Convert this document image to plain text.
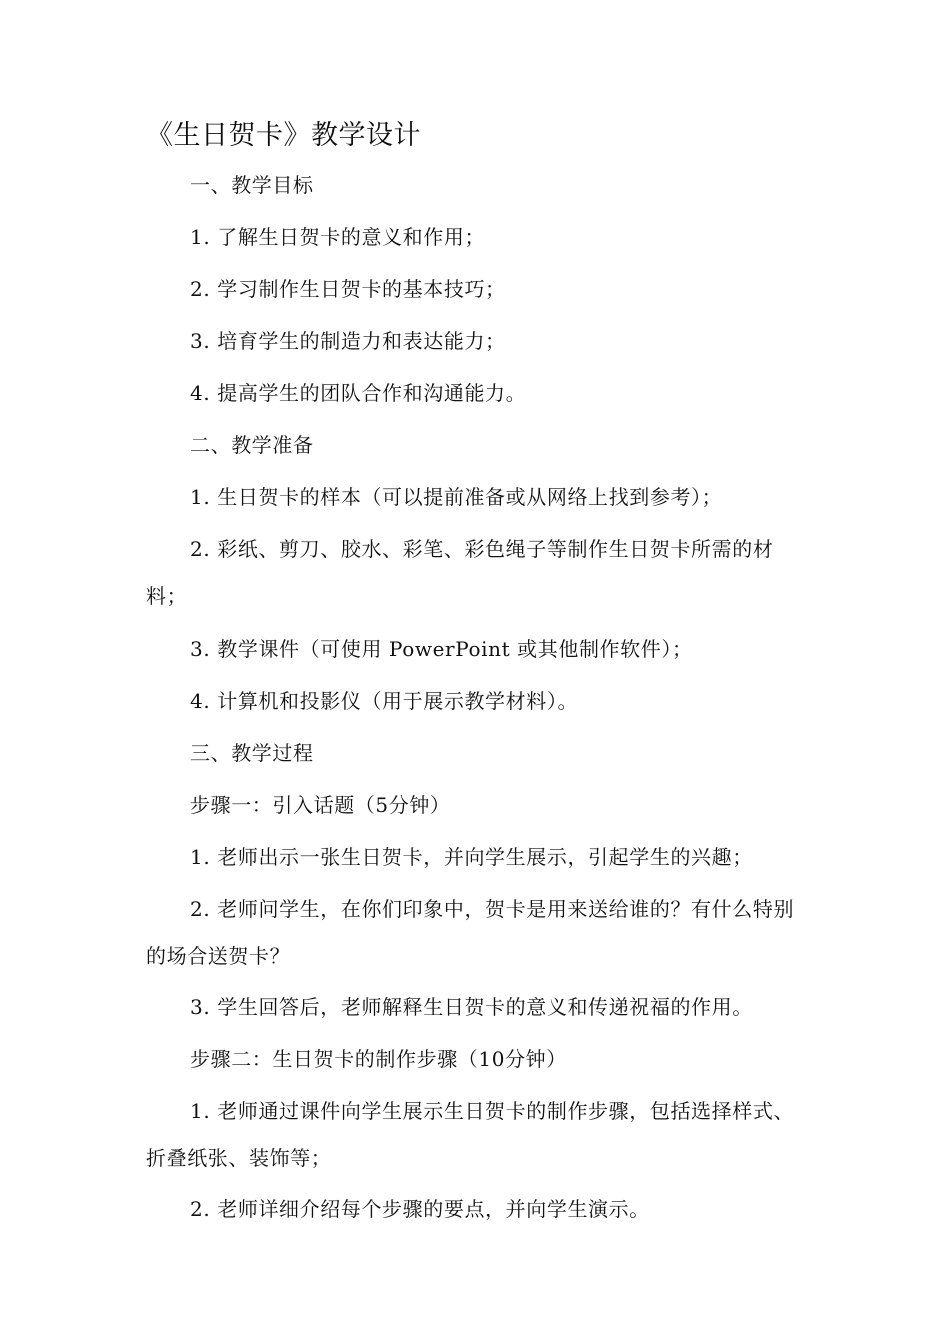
《生日贺卡》教学设计

一、教学目标

1. 了解生日贺卡的意义和作用；

2. 学习制作生日贺卡的基本技巧；

3. 培育学生的制造力和表达能力；

4. 提高学生的团队合作和沟通能力。

二、教学准备

1. 生日贺卡的样本（可以提前准备或从网络上找到参考）；

2. 彩纸、剪刀、胶水、彩笔、彩色绳子等制作生日贺卡所需的材料；

3. 教学课件（可使用 PowerPoint 或其他制作软件）；

4. 计算机和投影仪（用于展示教学材料）。

三、教学过程

步骤一：引入话题（5分钟）

1. 老师出示一张生日贺卡，并向学生展示，引起学生的兴趣；

2. 老师问学生，在你们印象中，贺卡是用来送给谁的？有什么特别的场合送贺卡？

3. 学生回答后，老师解释生日贺卡的意义和传递祝福的作用。

步骤二：生日贺卡的制作步骤（10分钟）

1. 老师通过课件向学生展示生日贺卡的制作步骤，包括选择样式、折叠纸张、装饰等；

2. 老师详细介绍每个步骤的要点，并向学生演示。
